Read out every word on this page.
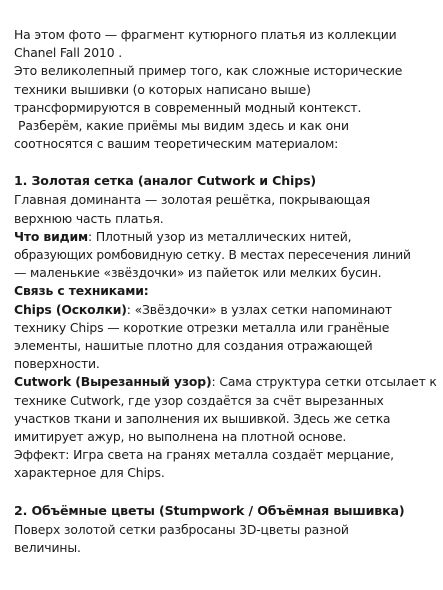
На этом фото — фрагмент кутюрного платья из коллекции
Chanel Fall 2010 .
Это великолепный пример того, как сложные исторические
техники вышивки (о которых написано выше)
трансформируются в современный модный контекст.
Разберём, какие приёмы мы видим здесь и как они
соотносятся с вашим теоретическим материалом:
1. Золотая сетка (аналог Cutwork и Chips)
Главная доминанта — золотая решётка, покрывающая
верхнюю часть платья.
Что видим: Плотный узор из металлических нитей,
образующих ромбовидную сетку. В местах пересечения линий
— маленькие «звёздочки» из пайеток или мелких бусин.
Связь с техниками:
Chips (Осколки): «Звёздочки» в узлах сетки напоминают
технику Chips — короткие отрезки металла или гранёные
элементы, нашитые плотно для создания отражающей
поверхности.
Cutwork (Вырезанный узор): Сама структура сетки отсылает к
технике Cutwork, где узор создаётся за счёт вырезанных
участков ткани и заполнения их вышивкой. Здесь же сетка
имитирует ажур, но выполнена на плотной основе.
Эффект: Игра света на гранях металла создаёт мерцание,
характерное для Chips.
2. Объёмные цветы (Stumpwork / Объёмная вышивка)
Поверх золотой сетки разбросаны 3D-цветы разной
величины.
